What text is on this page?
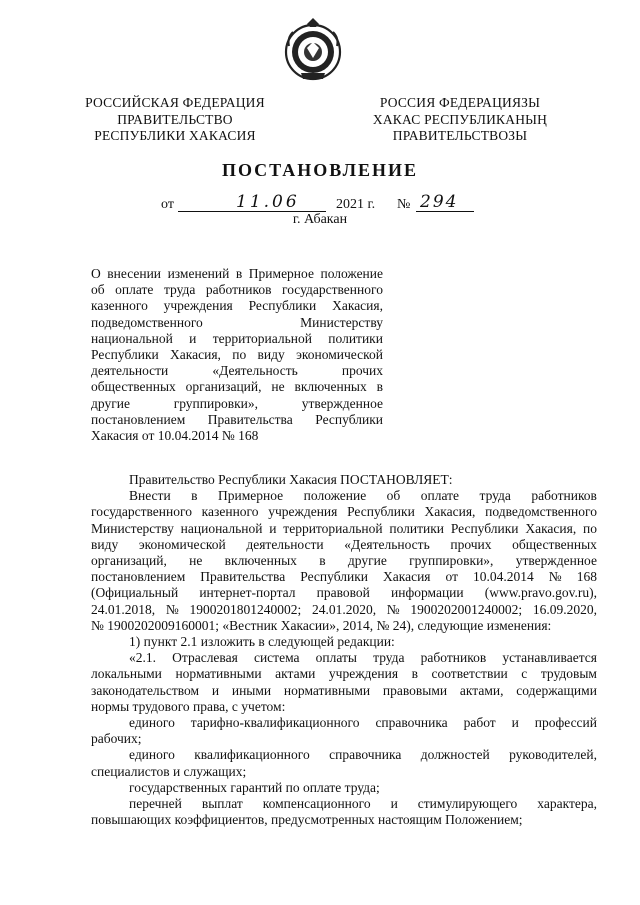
РОССИЙСКАЯ ФЕДЕРАЦИЯ
ПРАВИТЕЛЬСТВО
РЕСПУБЛИКИ ХАКАСИЯ
РОССИЯ ФЕДЕРАЦИЯЗЫ
ХАКАС РЕСПУБЛИКАНЫҢ
ПРАВИТЕЛЬСТВОЗЫ
ПОСТАНОВЛЕНИЕ
от	11.06	2021 г. № 294
г. Абакан
О внесении изменений в Примерное положение
об оплате труда работников государственного
казенного учреждения Республики Хакасия,
подведомственного	Министерству
национальной и территориальной политики
Республики Хакасия, по виду экономической
деятельности	«Деятельность	прочих
общественных организаций, не включенных в
другие	группировки»,	утвержденное
постановлением Правительства Республики
Хакасия от 10.04.2014 № 168
Правительство Республики Хакасия ПОСТАНОВЛЯЕТ:
Внести в Примерное положение об оплате труда работников
государственного казенного учреждения Республики Хакасия, подведомственного
Министерству национальной и территориальной политики Республики Хакасия, по
виду экономической деятельности «Деятельность прочих общественных
организаций, не включенных в другие группировки», утвержденное
постановлением Правительства Республики Хакасия от 10.04.2014 № 168
(Официальный интернет-портал правовой информации (www.pravo.gov.ru),
24.01.2018, № 1900201801240002; 24.01.2020, № 1900202001240002; 16.09.2020,
№ 1900202009160001; «Вестник Хакасии», 2014, № 24), следующие изменения:
1) пункт 2.1 изложить в следующей редакции:
«2.1. Отраслевая система оплаты труда работников устанавливается
локальными нормативными актами учреждения в соответствии с трудовым
законодательством и иными нормативными правовыми актами, содержащими
нормы трудового права, с учетом:
единого тарифно-квалификационного справочника работ и профессий
рабочих;
единого квалификационного справочника должностей руководителей,
специалистов и служащих;
государственных гарантий по оплате труда;
перечней выплат компенсационного и стимулирующего характера,
повышающих коэффициентов, предусмотренных настоящим Положением;
